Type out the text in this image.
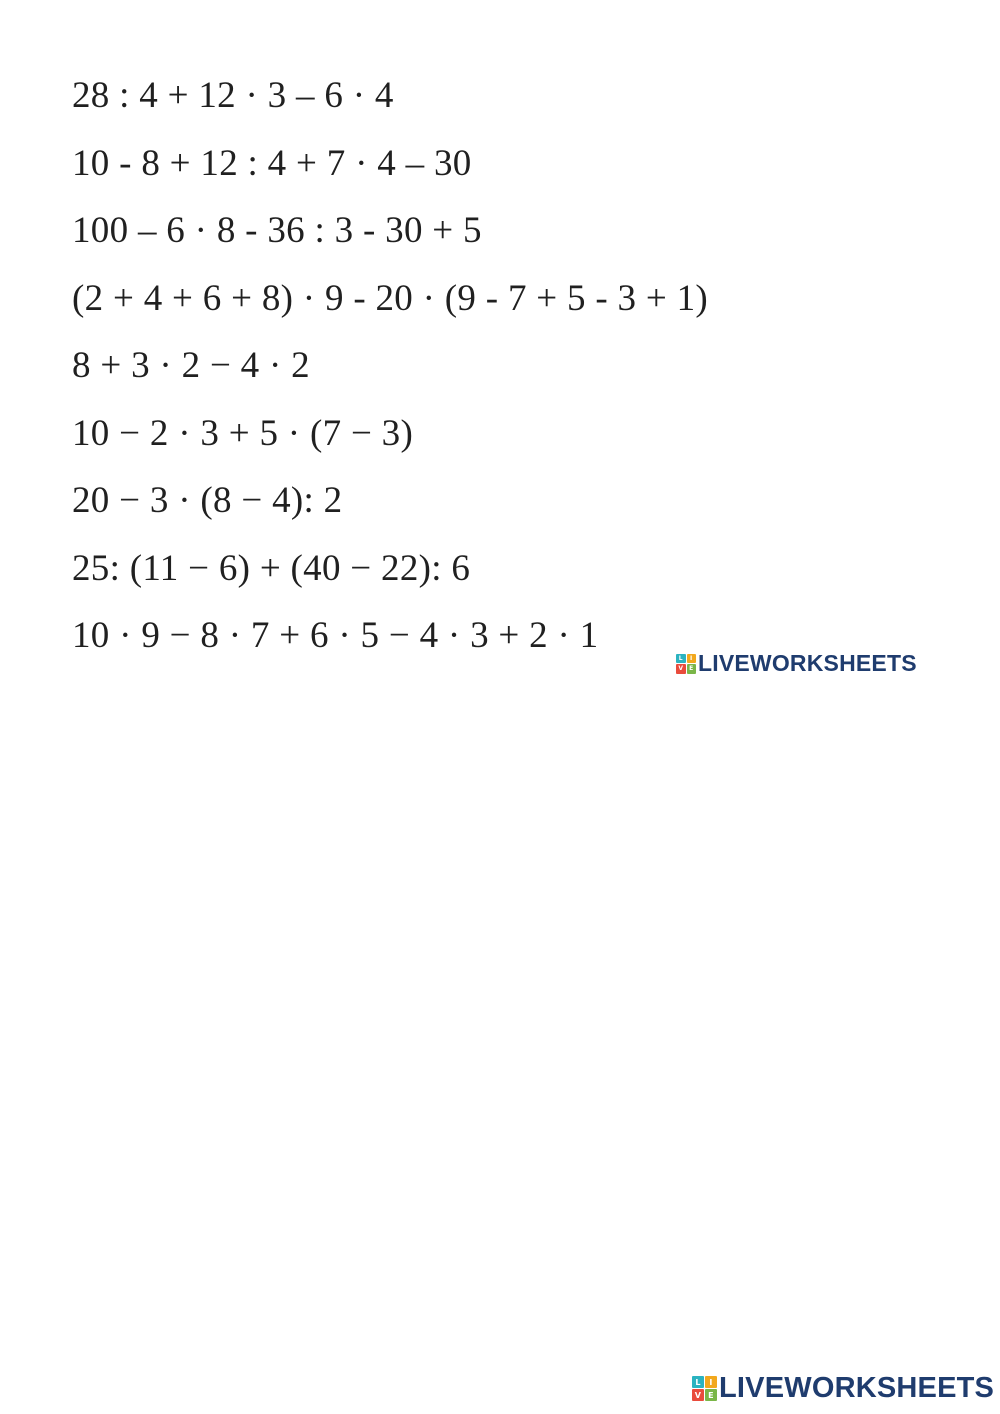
28 : 4 + 12 · 3 – 6 · 4
10 - 8 + 12 : 4 + 7 · 4 – 30
100 – 6 · 8 - 36 : 3 - 30 + 5
(2 + 4 + 6 + 8) · 9 - 20 · (9 - 7 + 5 - 3 + 1)
8 + 3 · 2 − 4 · 2
10 − 2 · 3 + 5 · (7 − 3)
20 − 3 · (8 − 4): 2
25: (11 − 6) + (40 − 22): 6
10 · 9 − 8 · 7 + 6 · 5 − 4 · 3 + 2 · 1
L	I
V E LIVEWORKSHEETS
L	I
V E LIVEWORKSHEETS
